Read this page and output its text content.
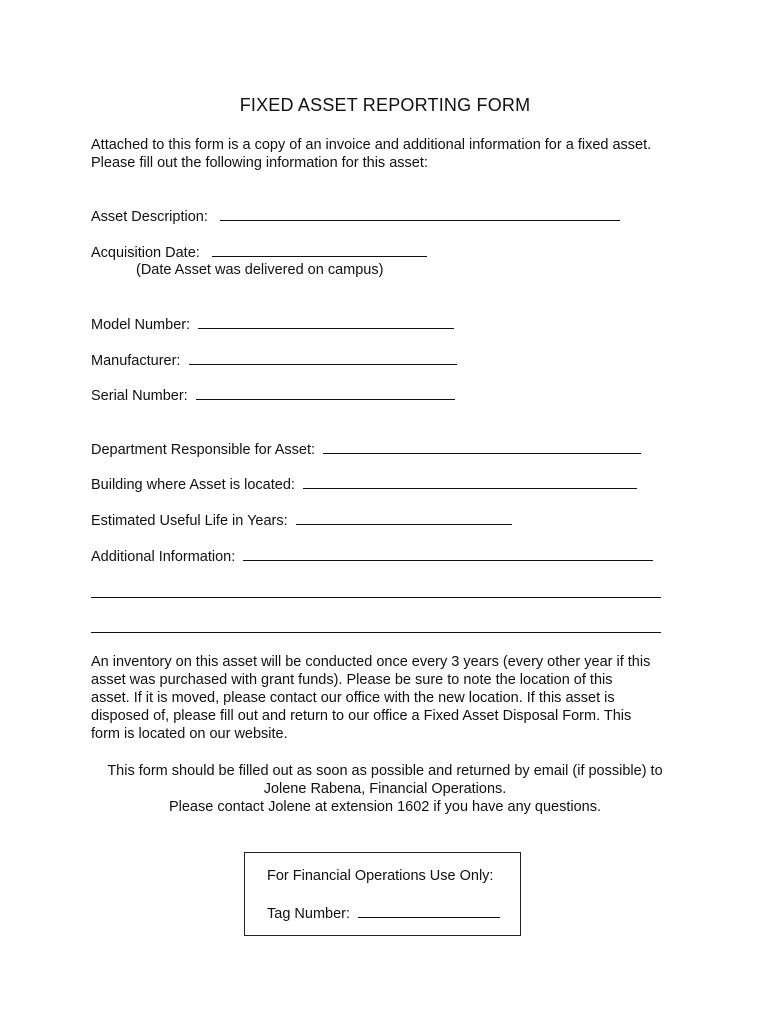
FIXED ASSET REPORTING FORM
Attached to this form is a copy of an invoice and additional information for a fixed asset.
Please fill out the following information for this asset:
Asset Description:
Acquisition Date:
(Date Asset was delivered on campus)
Model Number:
Manufacturer:
Serial Number:
Department Responsible for Asset:
Building where Asset is located:
Estimated Useful Life in Years:
Additional Information:
An inventory on this asset will be conducted once every 3 years (every other year if this
asset was purchased with grant funds). Please be sure to note the location of this
asset. If it is moved, please contact our office with the new location. If this asset is
disposed of, please fill out and return to our office a Fixed Asset Disposal Form. This
form is located on our website.
This form should be filled out as soon as possible and returned by email (if possible) to
Jolene Rabena, Financial Operations.
Please contact Jolene at extension 1602 if you have any questions.
For Financial Operations Use Only:
Tag Number:
